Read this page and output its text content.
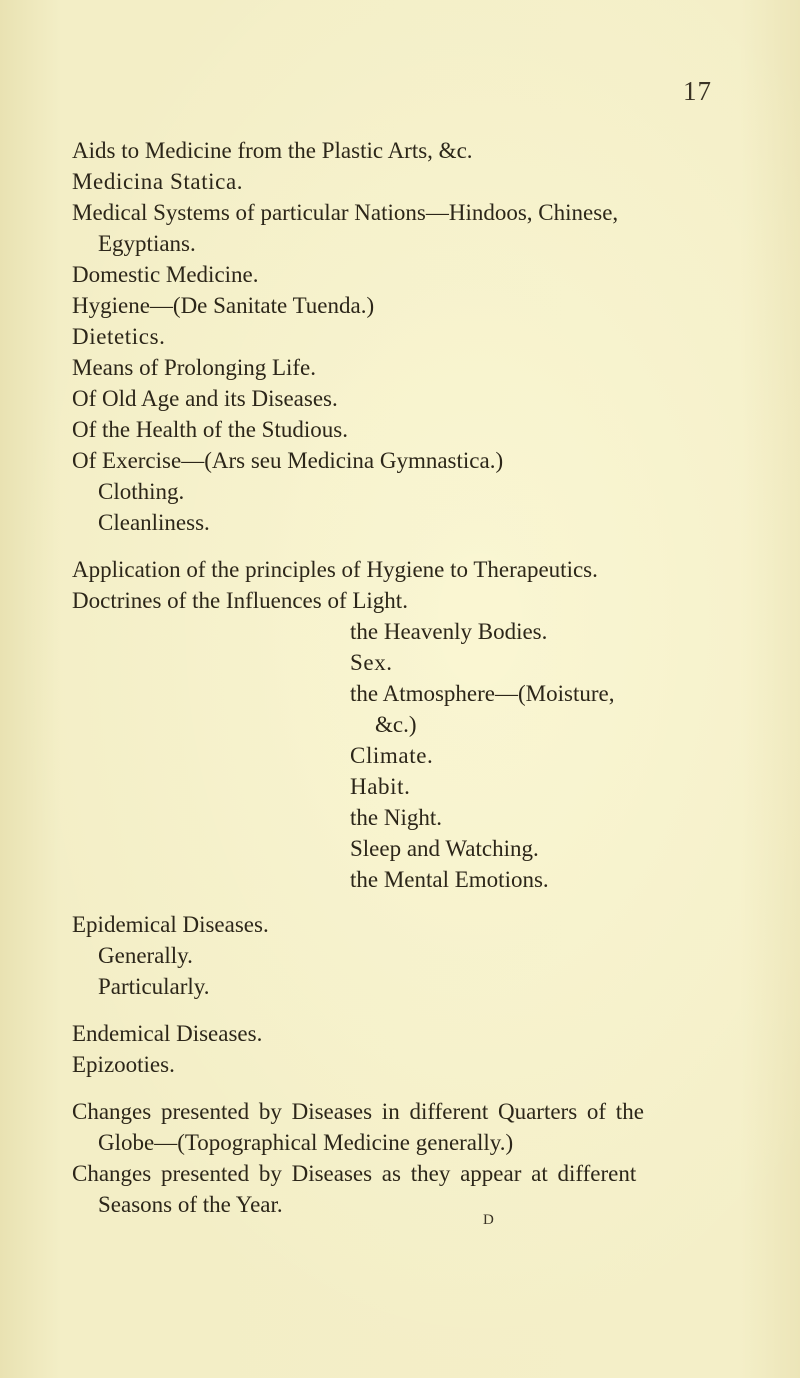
17
Aids to Medicine from the Plastic Arts, &c.
Medicina Statica.
Medical Systems of particular Nations—Hindoos, Chinese,
Egyptians.
Domestic Medicine.
Hygiene—(De Sanitate Tuenda.)
Dietetics.
Means of Prolonging Life.
Of Old Age and its Diseases.
Of the Health of the Studious.
Of Exercise—(Ars seu Medicina Gymnastica.)
Clothing.
Cleanliness.
Application of the principles of Hygiene to Therapeutics.
Doctrines of the Influences of Light.
the Heavenly Bodies.
Sex.
the Atmosphere—(Moisture,
&c.)
Climate.
Habit.
the Night.
Sleep and Watching.
the Mental Emotions.
Epidemical Diseases.
Generally.
Particularly.
Endemical Diseases.
Epizooties.
Changes presented by Diseases in different Quarters of the
Globe—(Topographical Medicine generally.)
Changes presented by Diseases as they appear at different
Seasons of the Year.
D
